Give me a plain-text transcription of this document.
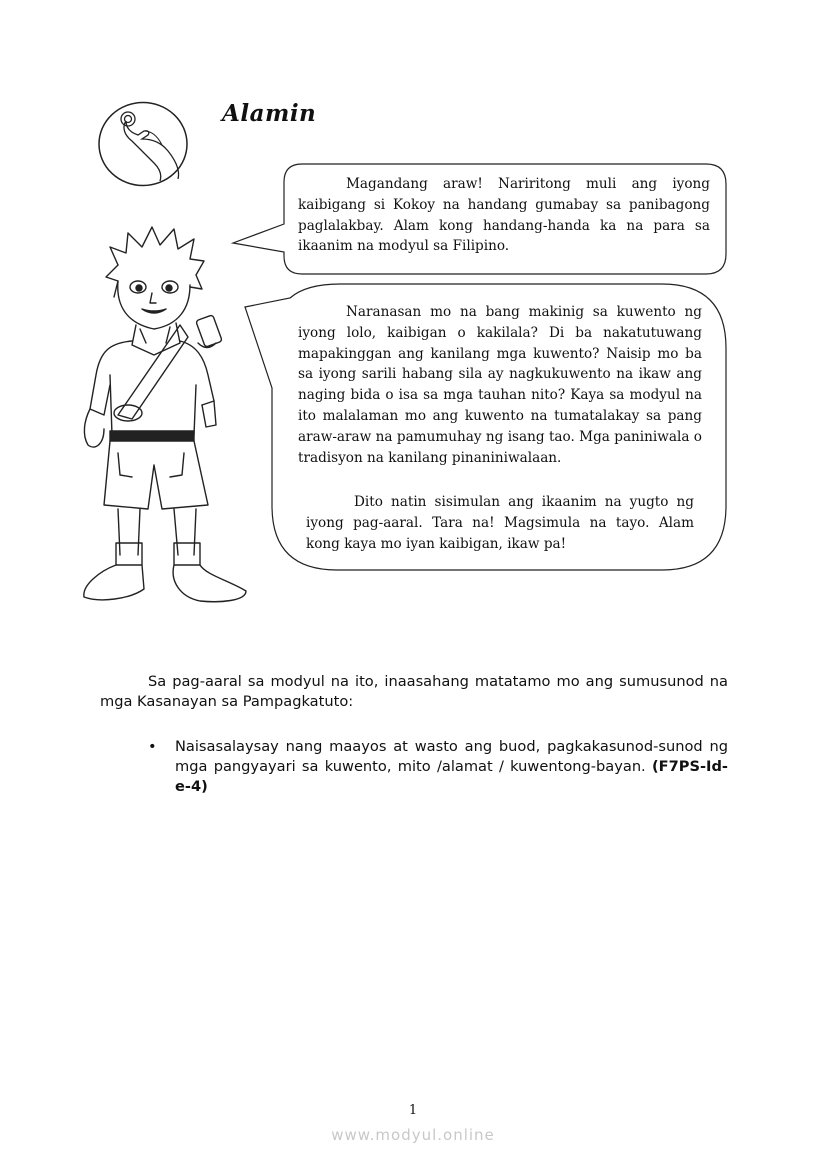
Alamin

Magandang araw! Nariritong muli ang iyong kaibigang si Kokoy na handang gumabay sa panibagong paglalakbay. Alam kong handang-handa ka na para sa ikaanim na modyul sa Filipino.

Naranasan mo na bang makinig sa kuwento ng iyong lolo, kaibigan o kakilala? Di ba nakatutuwang mapakinggan ang kanilang mga kuwento? Naisip mo ba sa iyong sarili habang sila ay nagkukuwento na ikaw ang naging bida o isa sa mga tauhan nito? Kaya sa modyul na ito malalaman mo ang kuwento na tumatalakay sa pang araw-araw na pamumuhay ng isang tao. Mga paniniwala o tradisyon na kanilang pinaniniwalaan.

Dito natin sisimulan ang ikaanim na yugto ng iyong pag-aaral. Tara na! Magsimula na tayo. Alam kong kaya mo iyan kaibigan, ikaw pa!

Sa pag-aaral sa modyul na ito, inaasahang matatamo mo ang sumusunod na mga Kasanayan sa Pampagkatuto:

• Naisasalaysay nang maayos at wasto ang buod, pagkakasunod-sunod ng mga pangyayari sa kuwento, mito /alamat / kuwentong-bayan. (F7PS-Id-e-4)
1
www.modyul.online
